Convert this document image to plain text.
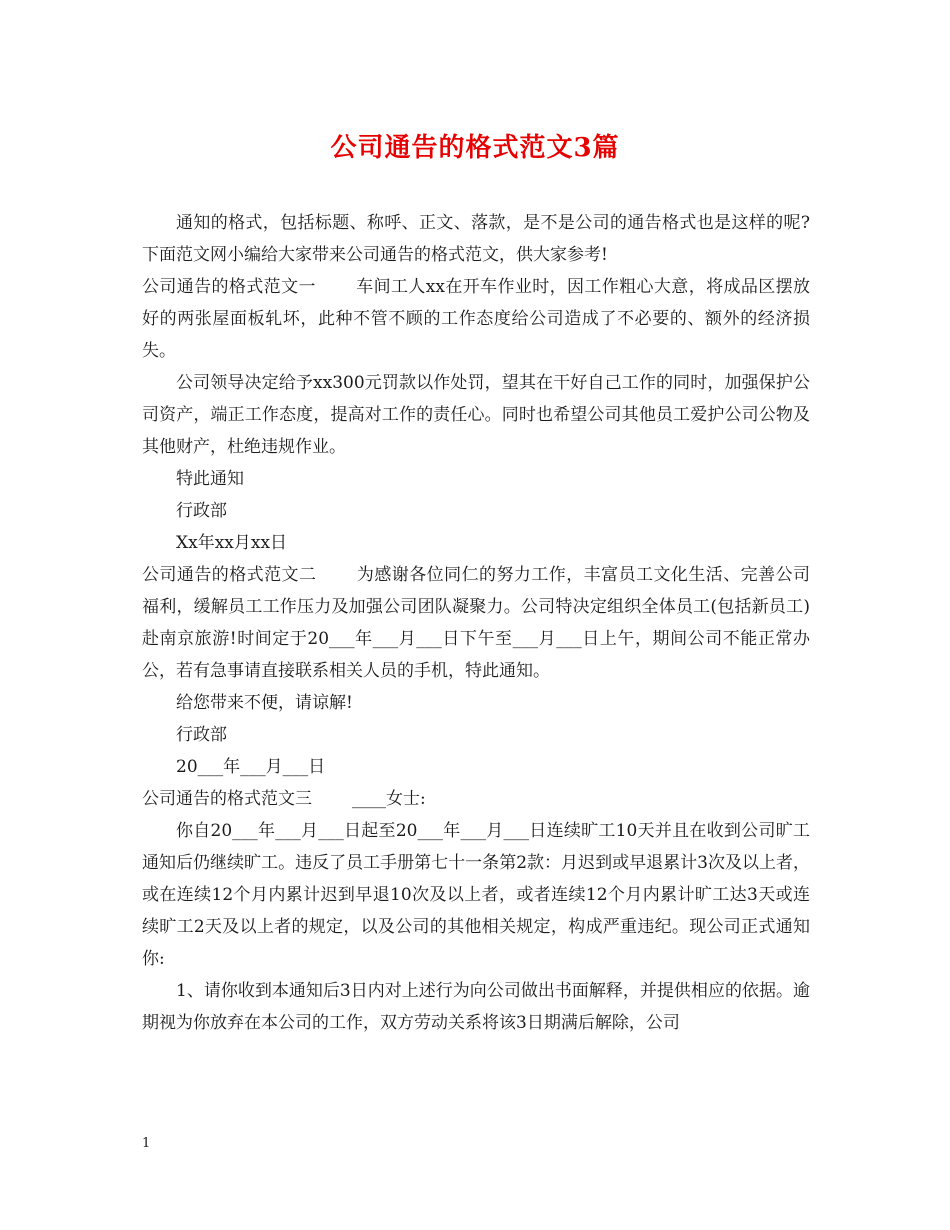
公司通告的格式范文3篇

通知的格式，包括标题、称呼、正文、落款，是不是公司的通告格式也是这样的呢?下面范文网小编给大家带来公司通告的格式范文，供大家参考!

公司通告的格式范文一 车间工人xx在开车作业时，因工作粗心大意，将成品区摆放好的两张屋面板轧坏，此种不管不顾的工作态度给公司造成了不必要的、额外的经济损失。

公司领导决定给予xx300元罚款以作处罚，望其在干好自己工作的同时，加强保护公司资产，端正工作态度，提高对工作的责任心。同时也希望公司其他员工爱护公司公物及其他财产，杜绝违规作业。

特此通知

行政部

Xx年xx月xx日

公司通告的格式范文二 为感谢各位同仁的努力工作，丰富员工文化生活、完善公司福利，缓解员工工作压力及加强公司团队凝聚力。公司特决定组织全体员工(包括新员工)赴南京旅游!时间定于20___年___月___日下午至___月___日上午，期间公司不能正常办公，若有急事请直接联系相关人员的手机，特此通知。

给您带来不便，请谅解!

行政部

20___年___月___日

公司通告的格式范文三 ____女士:

你自20___年___月___日起至20___年___月___日连续旷工10天并且在收到公司旷工通知后仍继续旷工。违反了员工手册第七十一条第2款：月迟到或早退累计3次及以上者，或在连续12个月内累计迟到早退10次及以上者，或者连续12个月内累计旷工达3天或连续旷工2天及以上者的规定，以及公司的其他相关规定，构成严重违纪。现公司正式通知你:

1、请你收到本通知后3日内对上述行为向公司做出书面解释，并提供相应的依据。逾期视为你放弃在本公司的工作，双方劳动关系将该3日期满后解除，公司

1
